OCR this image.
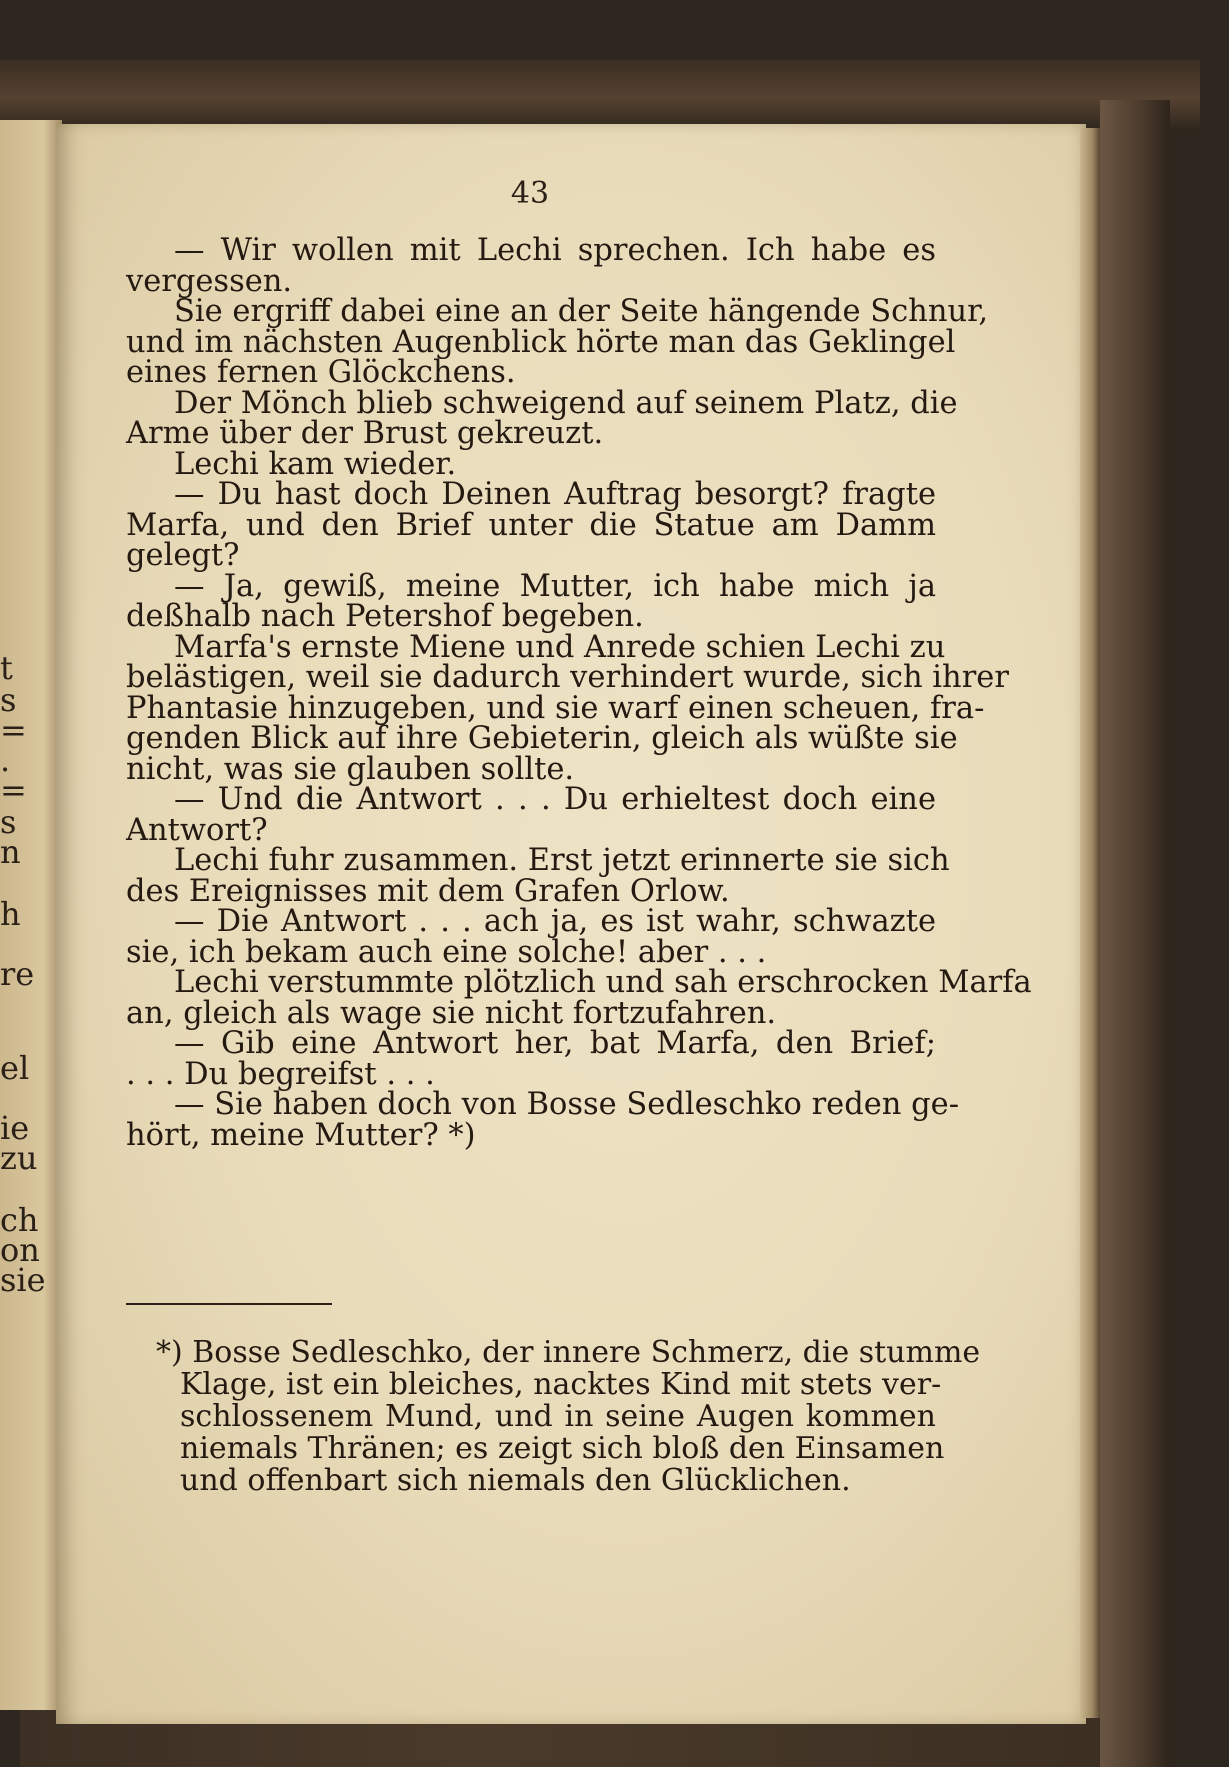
t
s
=
.
=
s
n
h
re
el
ie
zu
ch
on
sie
43
— Wir wollen mit Lechi sprechen. Ich habe es
vergessen.
Sie ergriff dabei eine an der Seite hängende Schnur,
und im nächsten Augenblick hörte man das Geklingel
eines fernen Glöckchens.
Der Mönch blieb schweigend auf seinem Platz, die
Arme über der Brust gekreuzt.
Lechi kam wieder.
— Du hast doch Deinen Auftrag besorgt? fragte
Marfa, und den Brief unter die Statue am Damm
gelegt?
— Ja, gewiß, meine Mutter, ich habe mich ja
deßhalb nach Petershof begeben.
Marfa's ernste Miene und Anrede schien Lechi zu
belästigen, weil sie dadurch verhindert wurde, sich ihrer
Phantasie hinzugeben, und sie warf einen scheuen, fra-
genden Blick auf ihre Gebieterin, gleich als wüßte sie
nicht, was sie glauben sollte.
— Und die Antwort . . . Du erhieltest doch eine
Antwort?
Lechi fuhr zusammen. Erst jetzt erinnerte sie sich
des Ereignisses mit dem Grafen Orlow.
— Die Antwort . . . ach ja, es ist wahr, schwazte
sie, ich bekam auch eine solche! aber . . .
Lechi verstummte plötzlich und sah erschrocken Marfa
an, gleich als wage sie nicht fortzufahren.
— Gib eine Antwort her, bat Marfa, den Brief;
. . . Du begreifst . . .
— Sie haben doch von Bosse Sedleschko reden ge-
hört, meine Mutter? *)
*) Bosse Sedleschko, der innere Schmerz, die stumme
Klage, ist ein bleiches, nacktes Kind mit stets ver-
schlossenem Mund, und in seine Augen kommen
niemals Thränen; es zeigt sich bloß den Einsamen
und offenbart sich niemals den Glücklichen.
